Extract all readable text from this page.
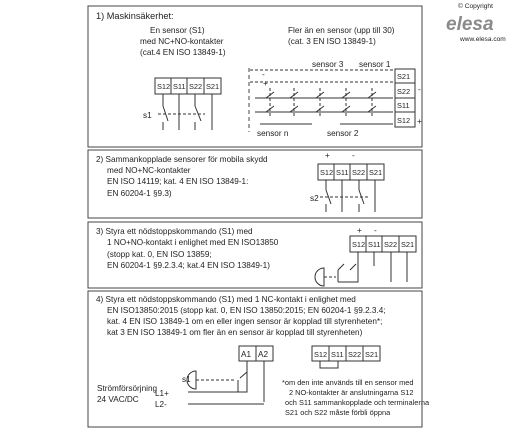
© Copyright
elesa
www.elesa.com
1) Maskinsäkerhet:
En sensor (S1)
med NC+NO-kontakter
(cat.4 EN ISO 13849-1)
Fler än en sensor (upp till 30)
(cat. 3 EN ISO 13849-1)
S12 S11 S22 S21
s1
+
-
sensor 3 sensor 1
sensor n	sensor 2
S21
S22
S11
S12
-
+
2) Sammankopplade sensorer för mobila skydd
med NO+NC-kontakter
EN ISO 14119; kat. 4 EN ISO 13849-1:
EN 60204-1 §9.3)
+	-
S12 S11 S22 S21
s2
3) Styra ett nödstoppskommando (S1) med
1 NO+NO-kontakt i enlighet med EN ISO13850
(stopp kat. 0, EN ISO 13859;
EN 60204-1 §9.2.3.4; kat.4 EN ISO 13849-1)
+ -
S12 S11 S22 S21
4) Styra ett nödstoppskommando (S1) med 1 NC-kontakt i enlighet med
EN ISO13850:2015 (stopp kat. 0, EN ISO 13850:2015; EN 60204-1 §9.2.3.4;
kat. 4 EN ISO 13849-1 om en eller ingen sensor är kopplad till styrenheten*;
kat 3 EN ISO 13849-1 om fler än en sensor är kopplad till styrenheten)
A1 A2
s1
L1+
L2-
Strömförsörjning
24 VAC/DC
S12 S11 S22 S21
*om den inte används till en sensor med
2 NO-kontakter är anslutningarna S12
och S11 sammankopplade och terminalerna
S21 och S22 måste förbli öppna
